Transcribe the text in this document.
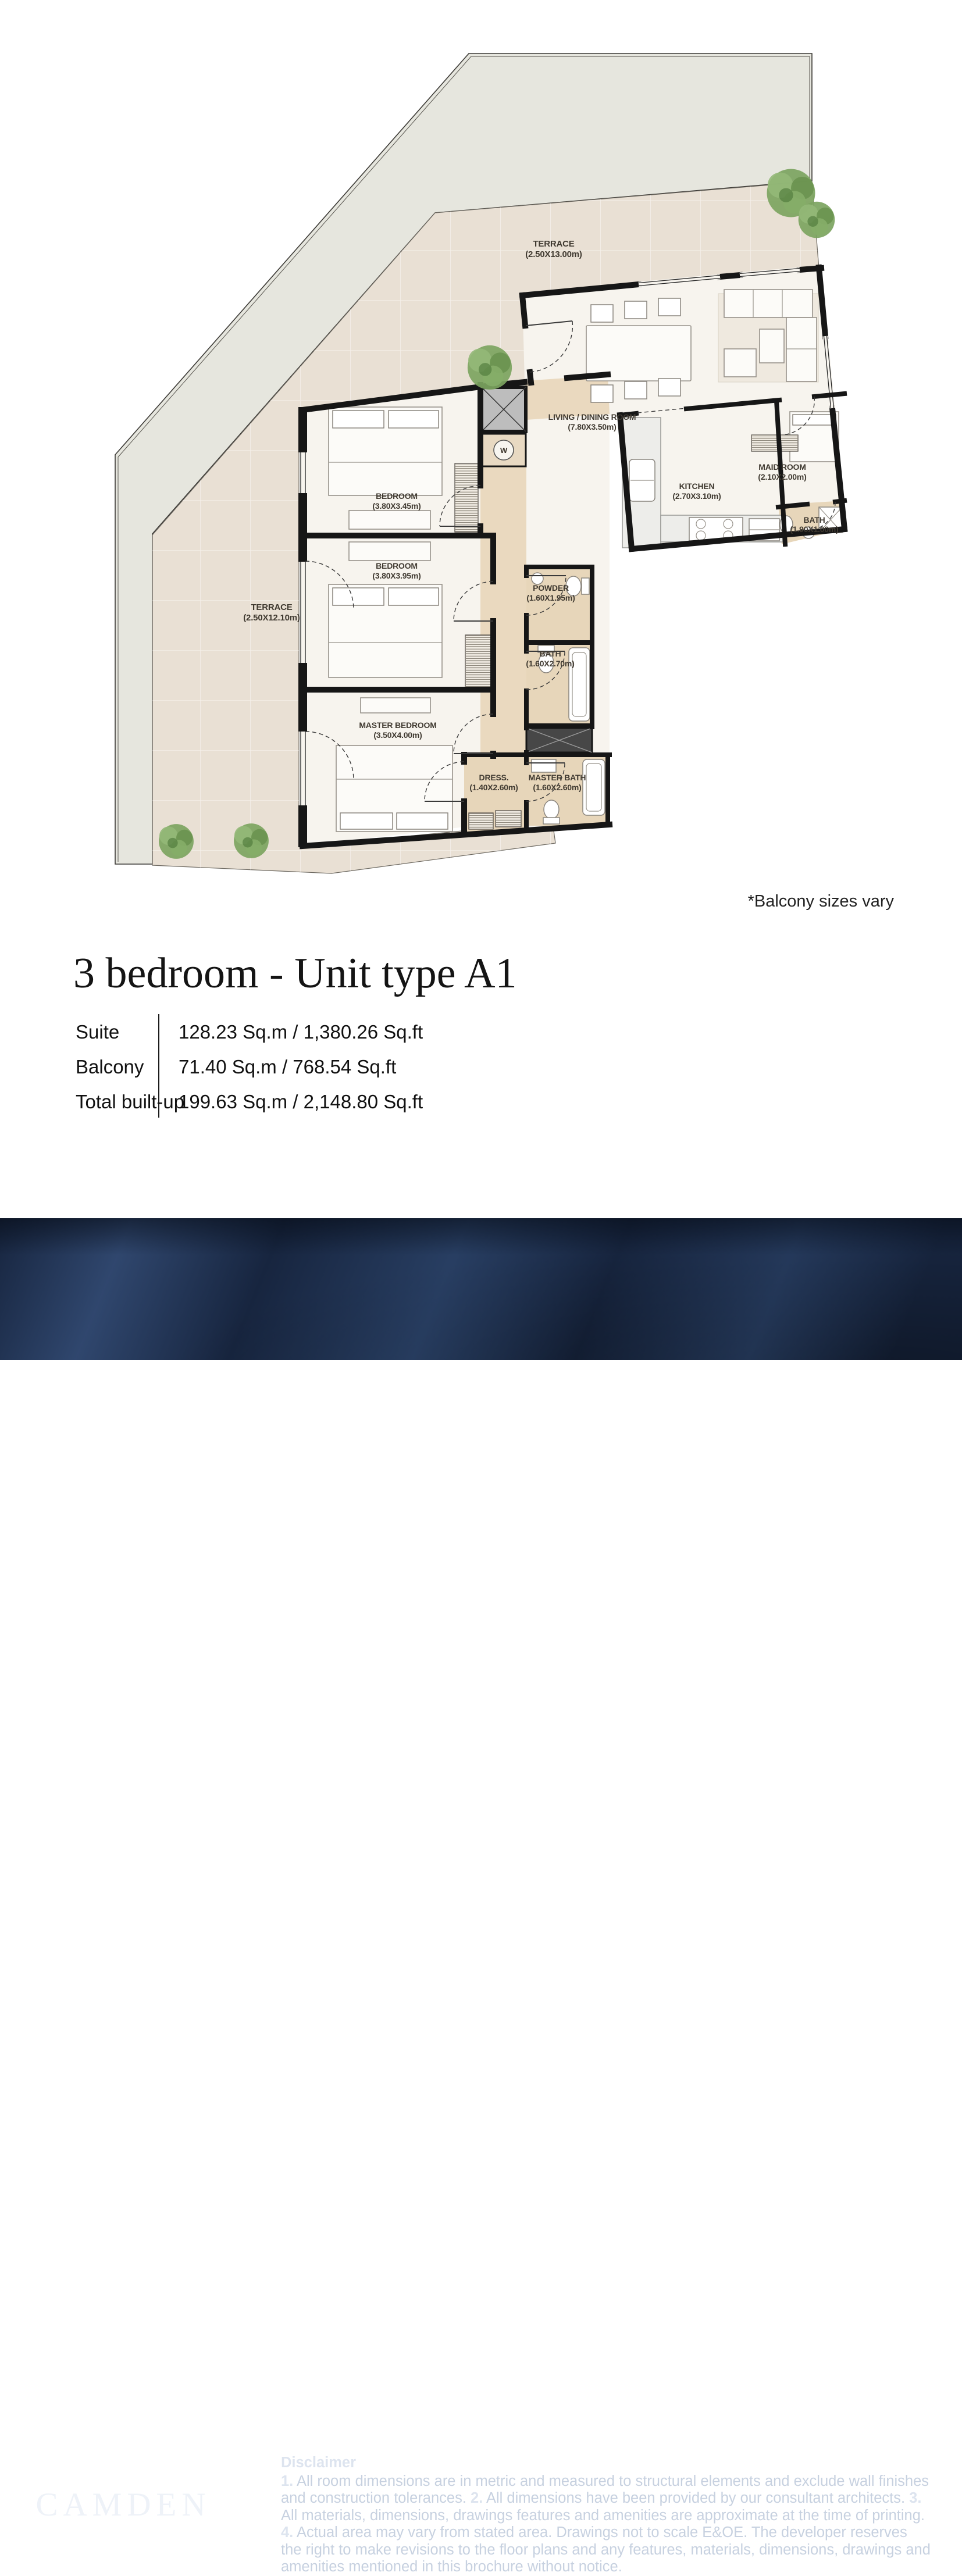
W
TERRACE
(2.50X13.00m)
TERRACE
(2.50X12.10m)
LIVING / DINING ROOM
(7.80X3.50m)
KITCHEN
(2.70X3.10m)
MAID ROOM
(2.10X2.00m)
BATH
(1.90X1.00m)
BEDROOM
(3.80X3.45m)
BEDROOM
(3.80X3.95m)
MASTER BEDROOM
(3.50X4.00m)
POWDER
(1.60X1.95m)
BATH
(1.60X2.70m)
DRESS.
(1.40X2.60m)
MASTER BATH
(1.60X2.60m)
*Balcony sizes vary
3 bedroom - Unit type A1
Suite	128.23 Sq.m / 1,380.26 Sq.ft
Balcony 71.40 Sq.m / 768.54 Sq.ft
Total built-up
199.63 Sq.m / 2,148.80 Sq.ft
CAMDEN
Disclaimer
1. All room dimensions are in metric and measured to structural elements and exclude wall finishes and construction tolerances. 2. All dimensions have been provided by our consultant architects. 3. All materials, dimensions, drawings features and amenities are approximate at the time of printing. 4. Actual area may vary from stated area. Drawings not to scale E&OE. The developer reserves the right to make revisions to the floor plans and any features, materials, dimensions, drawings and amenities mentioned in this brochure without notice.
